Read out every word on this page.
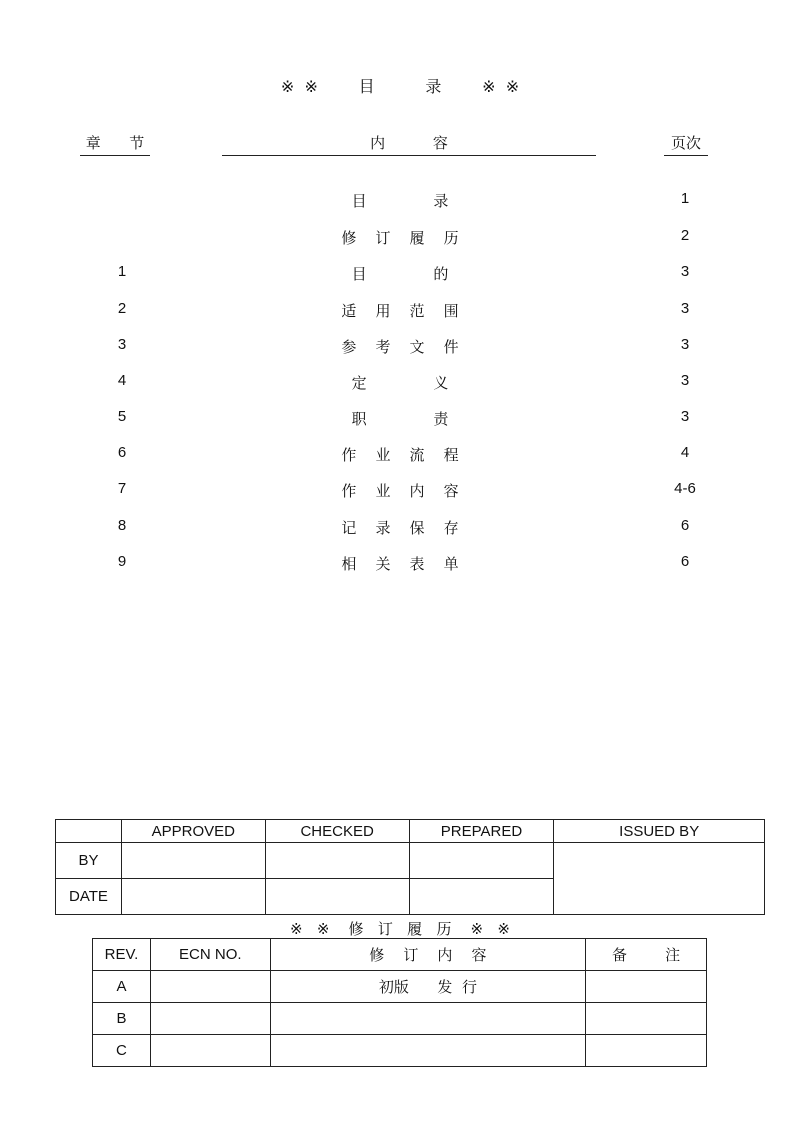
※  ※        目          录        ※  ※
章      节	内          容	页次
目              录	1
修    订    履    历	2
1	目              的	3
2	适    用    范    围	3
3	参    考    文    件	3
4	定              义	3
5	职              责	3
6	作    业    流    程	4
7	作    业    内    容	4-6
8	记    录    保    存	6
9	相    关    表    单	6
	APPROVED	CHECKED	PREPARED	ISSUED BY
BY				
DATE				
※   ※    修   订   履   历    ※   ※
REV.	ECN NO.	修    订    内    容	备        注
A		初版      发  行	
B			
C			
